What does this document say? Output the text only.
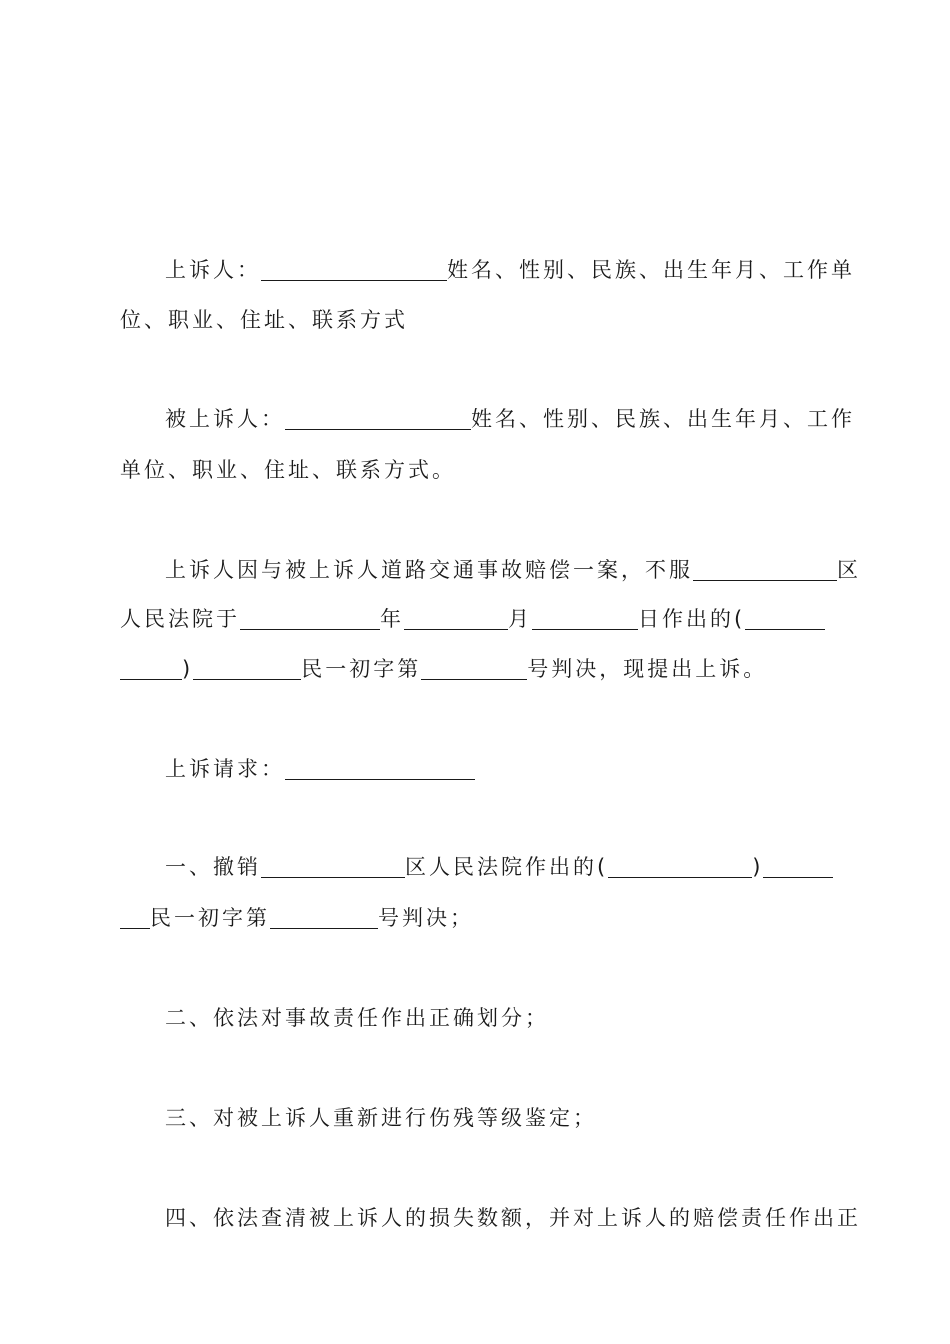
上诉人：	姓名、性别、民族、出生年月、工作单
位、职业、住址、联系方式
被上诉人：	姓名、性别、民族、出生年月、工作
单位、职业、住址、联系方式。
上诉人因与被上诉人道路交通事故赔偿一案，不服	区
人民法院于	年	月	日作出的(
)	民一初字第	号判决，现提出上诉。
上诉请求：
一、撤销	区人民法院作出的(	)
民一初字第	号判决；
二、依法对事故责任作出正确划分；
三、对被上诉人重新进行伤残等级鉴定；
四、依法查清被上诉人的损失数额，并对上诉人的赔偿责任作出正
